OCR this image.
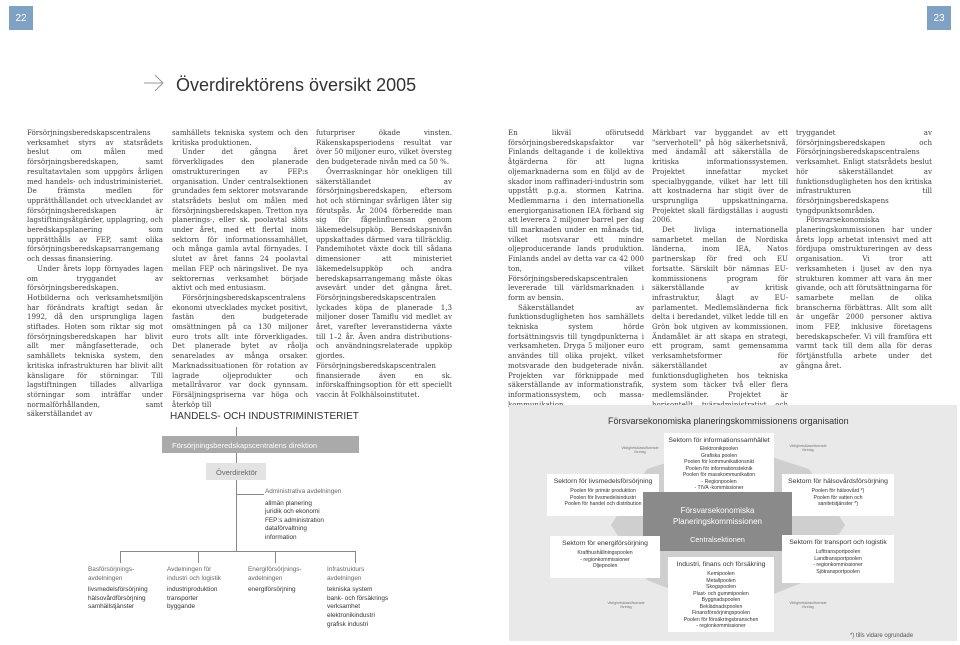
22	23
Överdirektörens översikt 2005

Försörjningsberedskapscentralens verksamhet styrs av statsrådets beslut om målen med försörjningsberedskapen, samt resultatavtalen som uppgörs årligen med handels- och industriministeriet. De främsta medlen för upprätthållandet och utvecklandet av försörjningsberedskapen är lagstiftningsåtgärder, upplagring, och beredskapsplanering som upprätthålls av FEP, samt olika försörjningsberedskapsarrangemang och dessas finansiering.

Under årets lopp förnyades lagen om tryggandet av försörjningsberedskapen. Hotbilderna och verksamhetsmiljön har förändrats kraftigt sedan år 1992, då den ursprungliga lagen stiftades. Hoten som riktar sig mot försörjningsberedskapen har blivit allt mer mångfasetterade, och samhällets tekniska system, den kritiska infrastrukturen har blivit allt känsligare för störningar. Till lagstiftningen tillades allvarliga störningar som inträffar under normalförhållanden, samt säkerställandet av

samhällets tekniska system och den kritiska produktionen.

Under det gångna året förverkligades den planerade omstruktureringen av FEP:s organisation. Under centralsektionen grundades fem sektorer motsvarande statsrådets beslut om målen med försörjningsberedskapen. Tretton nya planerings-, eller sk. poolavtal slöts under året, med ett flertal inom sektorn för informationssamhället, och många gamla avtal förnyades. I slutet av året fanns 24 poolavtal mellan FEP och näringslivet. De nya sektorernas verksamhet började aktivt och med entusiasm.

Försörjningsberedskapscentralens ekonomi utvecklades mycket positivt, fastän den budgeterade omsättningen på ca 130 miljoner euro trots allt inte förverkligades. Det planerade bytet av råolja senarelades av många orsaker. Marknadssituationen för rotation av lagrade oljeprodukter och metallråvaror var dock gynnsam. Försäljningspriserna var höga och återköp till

futurpriser ökade vinsten. Räkenskapsperiodens resultat var över 50 miljoner euro, vilket översteg den budgeterade nivån med ca 50 %.

Överraskningar hör onekligen till säkerställandet av försörjningsberedskapen, eftersom hot och störningar svårligen låter sig förutspås. År 2004 förberedde man sig för fågelinfluensan genom läkemedelsuppköp. Beredskapsnivån uppskattades därmed vara tillräcklig. Pandemihotet växte dock till sådana dimensioner att ministeriet läkemedelsuppköp och andra beredskapsarrangemang måste ökas avsevärt under det gångna året. Försörjningsberedskapscentralen lyckades köpa de planerade 1,3 miljoner doser Tamiflu vid medlet av året, varefter leveranstiderna växte till 1–2 år. Även andra distributions- och användningsrelaterade uppköp gjordes. Försörjningsberedskapscentralen finansierade även en sk. införskaffningsoption för ett speciellt vaccin åt Folkhälsoinstitutet.

En likväl oförutsedd försörjningsberedskapsfaktor var Finlands deltagande i de kollektiva åtgärderna för att lugna oljemarknaderna som en följd av de skador inom raffinaderi-industrin som uppstått p.g.a. stormen Katrina. Medlemmarna i den internationella energiorganisationen IEA förband sig att leverera 2 miljoner barrel per dag till marknaden under en månads tid, vilket motsvarar ett mindre oljeproducerande lands produktion. Finlands andel av detta var ca 42 000 ton, vilket Försörjningsberedskapscentralen levererade till världsmarknaden i form av bensin.

Säkerställandet av funktionsdugligheten hos samhällets tekniska system hörde fortsättningsvis till tyngdpunkterna i verksamheten. Dryga 5 miljoner euro användes till olika projekt, vilket motsvarade den budgeterade nivån. Projekten var förknippade med säkerställande av informationstrafik, informationssystem, och massa

Märkbart var byggandet av ett "serverhotell" på hög säkerhetsnivå, med ändamål att säkerställa de kritiska informationssystemen. Projektet innefattar mycket specialbyggande, vilket har lett till att kostnaderna har stigit över de ursprungliga uppskattningarna. Projektet skall färdigställas i augusti 2006.

Det livliga internationella samarbetet mellan de Nordiska länderna, inom IEA, Natos partnerskap för fred och EU fortsatte. Särskilt bör nämnas EU-kommissionens program för säkerställande av kritisk infrastruktur, ålagt av EU-parlamentet. Medlemsländerna fick delta i beredandet, vilket ledde till en Grön bok utgiven av kommissionen. Ändamålet är att skapa en strategi, ett program, samt gemensamma verksamhetsformer för säkerställandet av funktionsdugligheten hos tekniska system som täcker två eller flera medlemsländer. Projektet är

tryggandet av försörjningsberedskapen och Försörjningsberedskapscentralens verksamhet. Enligt statsrådets beslut hör säkerställandet av funktionsdugligheten hos den kritiska infrastrukturen till försörjningsberedskapens tyngdpunktsområden.

Försvarsekonomiska planeringskommissionen har under årets lopp arbetat intensivt med att fördjupa omstruktureringen av dess organisation. Vi tror att verksamheten i ljuset av den nya strukturen kommer att vara än mer givande, och att förutsättningarna för samarbete mellan de olika branscherna förbättras. Allt som allt är ungefär 2000 personer aktiva inom FEP, inklusive företagens beredskapschefer. Vi vill framföra ett varmt tack till dem alla för deras förtjänstfulla arbete under det gångna året.

HANDELS- OCH INDUSTRIMINISTERIET
Försörjningsberedskapscentralens direktion
Överdirektör
Administrativa avdelningen
allmän planering
juridik och ekonomi
FEP:s administration
dataförvaltning
information
Basförsörjnings-
avdelningen
livsmedelsförsörjning
hälsovårdförsörjning
samhällstjänster
Avdelningen för
industri och logistik
industriproduktion
transporter
byggande
Energiförsörjnings-
avdelningen
energiförsörjning
Infrastrukturs
avdelningen
tekniska system
bank- och försäkrings
verksamhet
elektronikindustri
grafisk industri
Försvarsekonomiska planeringskommissionens organisation
Viktighetsklassificerade
företag
Viktighetsklassificerade
företag
Viktighetsklassificerade
företag
Viktighetsklassificerade
företag
Sektorn för informationssamhället
Elektronikpoolen
Grafiska poolen
Poolen för kommunikationsnät
Poolen för informationsteknik
Poolen för masskommunikation
- Regionpoolen
- TIVA -kommissioner
Sektorn för livsmedelsförsörjning
Poolen för primär produktion
Poolen för livsmedelsindustri
Poolen för handel och distribution
Sektorn för hälsovårdsförsörjning
Poolen för hälsovård *)
Poolen för vatten och
sanitetstjänster *)
Försvarsekonomiska
Planeringskommissionen
Centralsektionen
Sektorn för energiförsörjning
Krafthushållningspoolen
- regionkommissioner
Oljepoolen
Sektorn för transport och logistik
Lufttransportpoolen
Landtransportpoolen
- regionkommissioner
Sjötransportpoolen
Industri, finans och försäkring
Kemipoolen
Metallpoolen
Skogspoolen
Plast- och gummipoolen
Byggnadspoolen
Beklädnadspoolen
Finansförsörjningspoolen
Poolen för försäkringsbranschen
- regionkommissioner
*) tills vidare ogrundade
